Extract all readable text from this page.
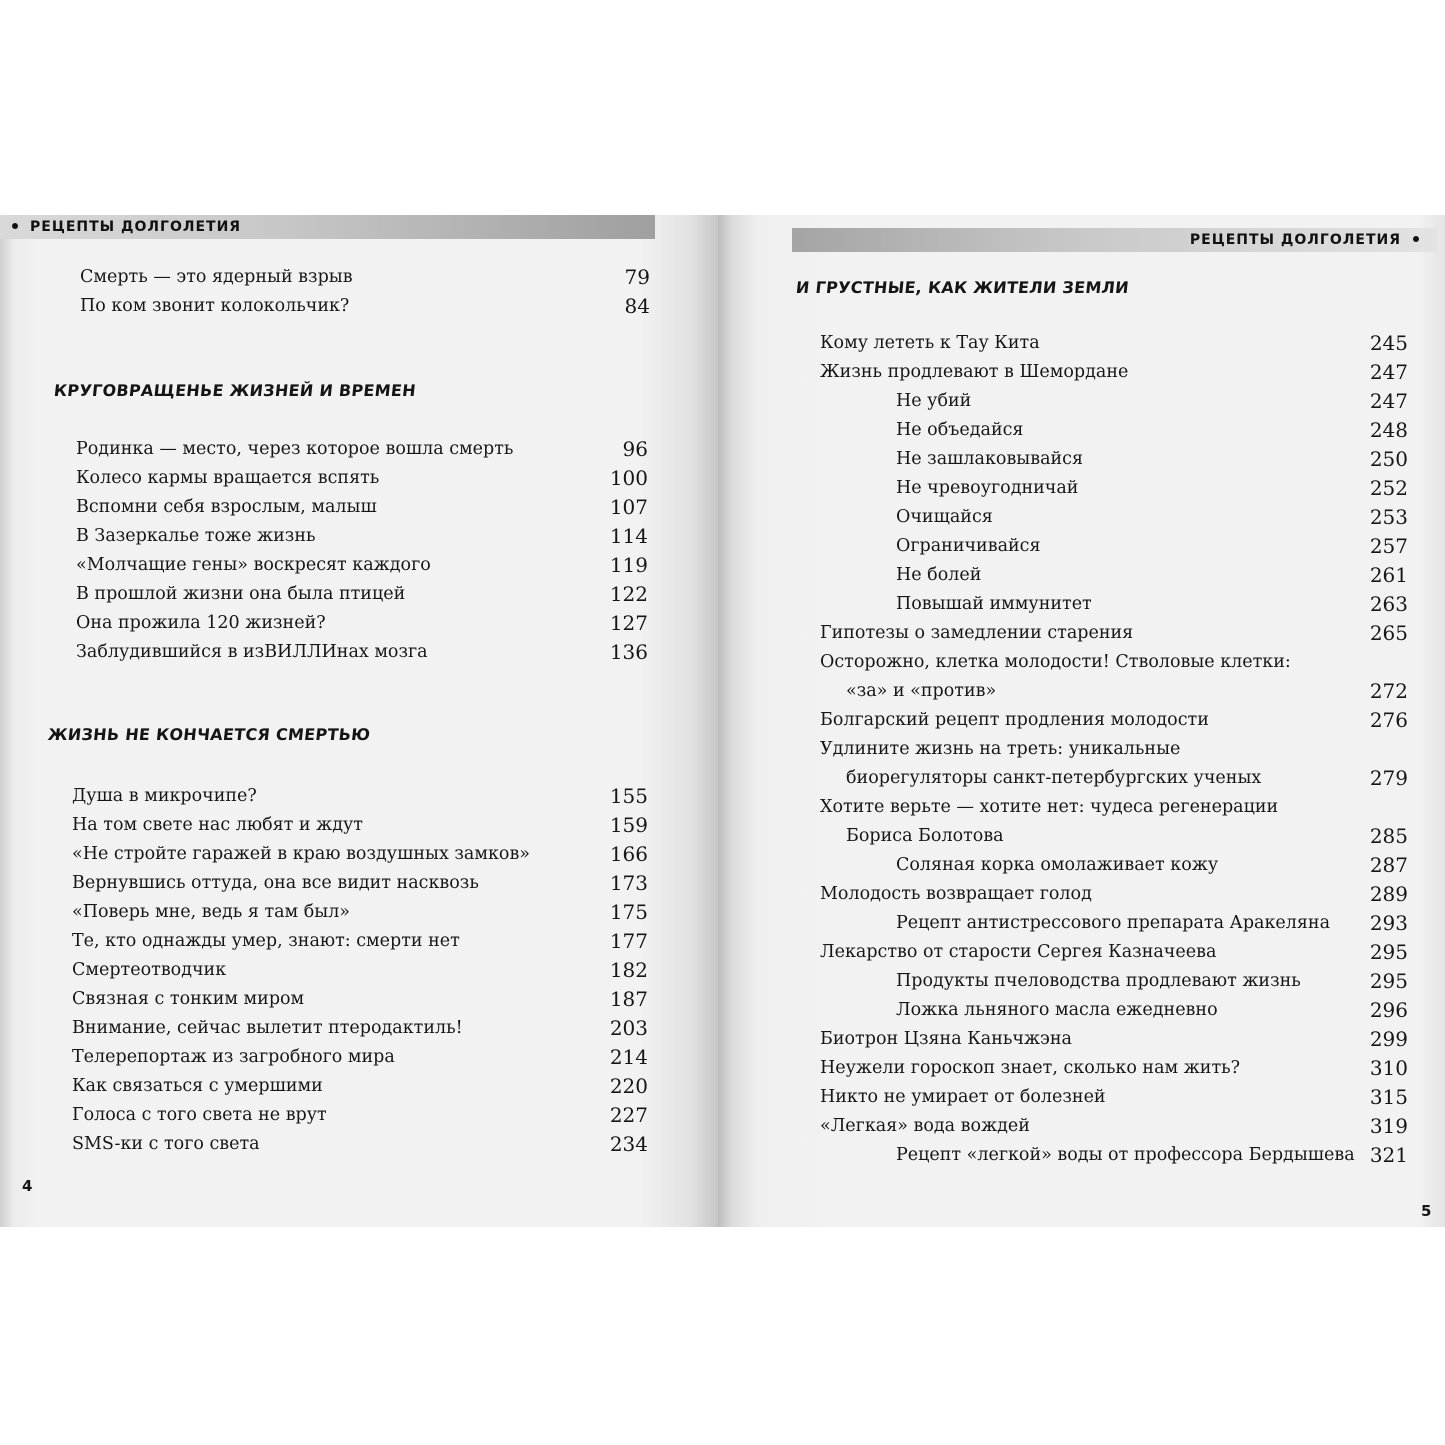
РЕЦЕПТЫ ДОЛГОЛЕТИЯ
Смерть — это ядерный взрыв	79
По ком звонит колокольчик?	84
КРУГОВРАЩЕНЬЕ ЖИЗНЕЙ И ВРЕМЕН
Родинка — место, через которое вошла смерть	96
Колесо кармы вращается вспять	100
Вспомни себя взрослым, малыш	107
В Зазеркалье тоже жизнь	114
«Молчащие гены» воскресят каждого	119
В прошлой жизни она была птицей	122
Она прожила 120 жизней?	127
Заблудившийся в изВИЛЛИнах мозга	136
ЖИЗНЬ НЕ КОНЧАЕТСЯ СМЕРТЬЮ
Душа в микрочипе?	155
На том свете нас любят и ждут	159
«Не стройте гаражей в краю воздушных замков»	166
Вернувшись оттуда, она все видит насквозь	173
«Поверь мне, ведь я там был»	175
Те, кто однажды умер, знают: смерти нет	177
Смертеотводчик	182
Связная с тонким миром	187
Внимание, сейчас вылетит птеродактиль!	203
Телерепортаж из загробного мира	214
Как связаться с умершими	220
Голоса с того света не врут	227
SMS-ки с того света	234
4
РЕЦЕПТЫ ДОЛГОЛЕТИЯ
И ГРУСТНЫЕ, КАК ЖИТЕЛИ ЗЕМЛИ
Кому лететь к Тау Кита	245
Жизнь продлевают в Шемордане	247
Не убий	247
Не объедайся	248
Не зашлаковывайся	250
Не чревоугодничай	252
Очищайся	253
Ограничивайся	257
Не болей	261
Повышай иммунитет	263
Гипотезы о замедлении старения	265
Осторожно, клетка молодости! Стволовые клетки:
«за» и «против»	272
Болгарский рецепт продления молодости	276
Удлините жизнь на треть: уникальные
биорегуляторы санкт-петербургских ученых	279
Хотите верьте — хотите нет: чудеса регенерации
Бориса Болотова	285
Соляная корка омолаживает кожу	287
Молодость возвращает голод	289
Рецепт антистрессового препарата Аракеляна 293
Лекарство от старости Сергея Казначеева	295
Продукты пчеловодства продлевают жизнь	295
Ложка льняного масла ежедневно	296
Биотрон Цзяна Каньчжэна	299
Неужели гороскоп знает, сколько нам жить?	310
Никто не умирает от болезней	315
«Легкая» вода вождей	319
Рецепт «легкой» воды от профессора Бердышева 321
5
